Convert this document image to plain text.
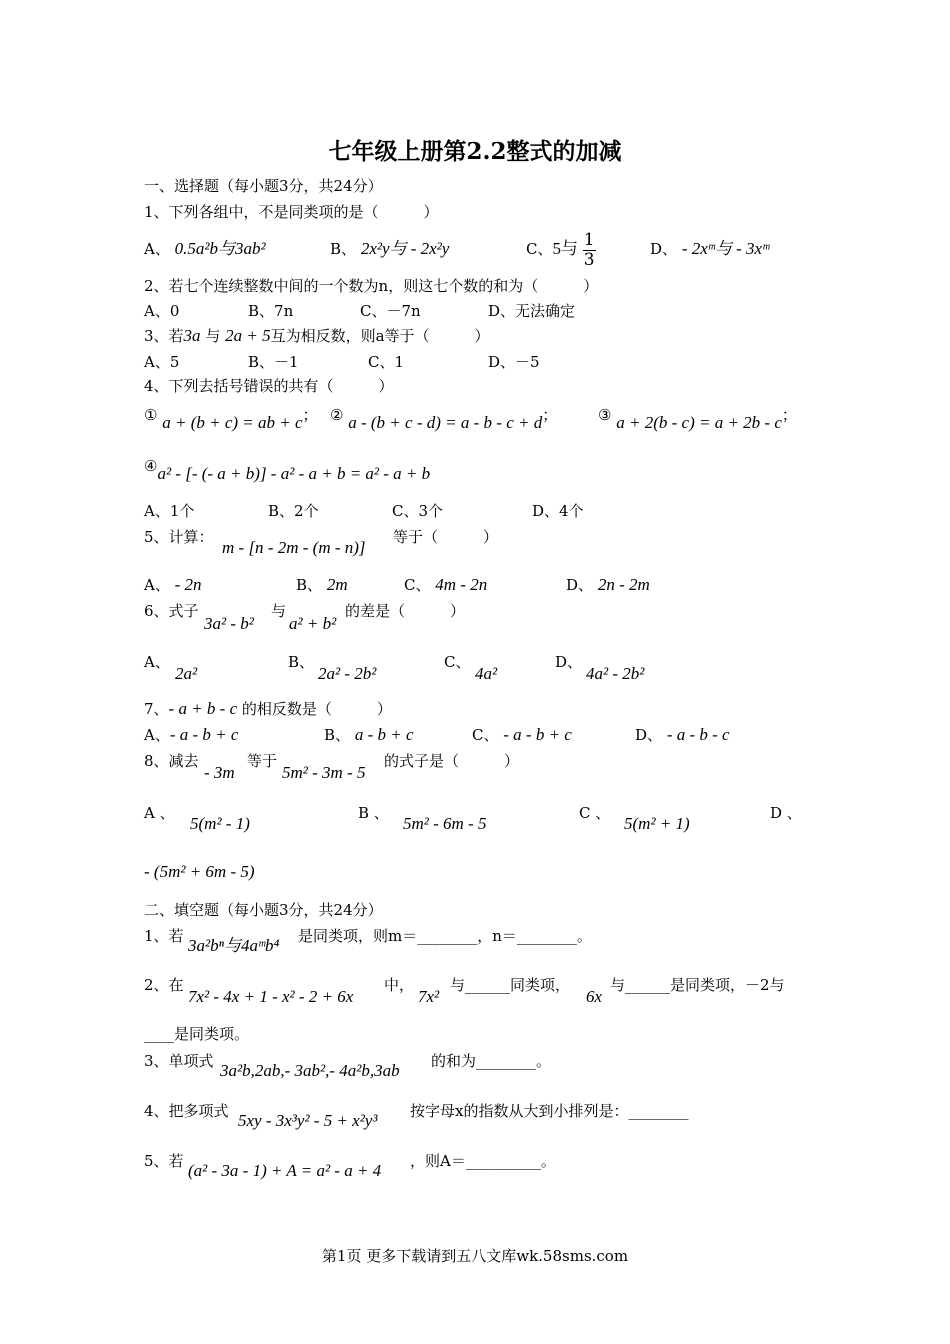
七年级上册第2.2整式的加减
一、选择题（每小题3分，共24分）
1、下列各组中，不是同类项的是（　　　）
A、 0.5a²b与3ab²	B、 2x²y与 - 2x²y	C、5与 $\frac{1}{3}$	D、 - 2xᵐ与 - 3xᵐ
2、若七个连续整数中间的一个数为n，则这七个数的和为（　　　）
A、0	B、7n	C、－7n	D、无法确定
3、若3a 与 2a + 5互为相反数，则a等于（　　　）
A、5	B、－1	C、1	D、－5
4、下列去括号错误的共有（　　　）
① a + (b + c) = ab + c； ② a - (b + c - d) = a - b - c + d；	③ a + 2(b - c) = a + 2b - c；
④a² - [- (- a + b)] - a² - a + b = a² - a + b
A、1个	B、2个	C、3个	D、4个
5、计算：
m - [n - 2m - (m - n)]
等于（　　　）
A、 - 2n	B、 2m	C、 4m - 2n	D、 2n - 2m
6、式子
3a² - b²
与
a² + b²
的差是（　　　）
A、
2a²
B、
2a² - 2b²
C、
4a²
D、
4a² - 2b²
7、- a + b - c 的相反数是（　　　）
A、- a - b + c	B、 a - b + c	C、 - a - b + c	D、 - a - b - c
8、减去
- 3m
等于
5m² - 3m - 5
的式子是（　　　）
A 、
5(m² - 1)
B 、
5m² - 6m - 5
C 、
5(m² + 1)
D 、
- (5m² + 6m - 5)
二、填空题（每小题3分，共24分）
1、若 3a²bⁿ与4aᵐb⁴ 是同类项，则m＝________，n＝________。
2、在
7x² - 4x + 1 - x² - 2 + 6x
中，
7x²
与______同类项，
6x
与______是同类项，－2与
____是同类项。
3、单项式 3a²b,2ab,- 3ab²,- 4a²b,3ab 的和为________。
4、把多项式 5xy - 3x³y² - 5 + x²y³ 按字母x的指数从大到小排列是：________
5、若 (a² - 3a - 1) + A = a² - a + 4 ，则A＝__________。
第1页 更多下载请到五八文库wk.58sms.com
